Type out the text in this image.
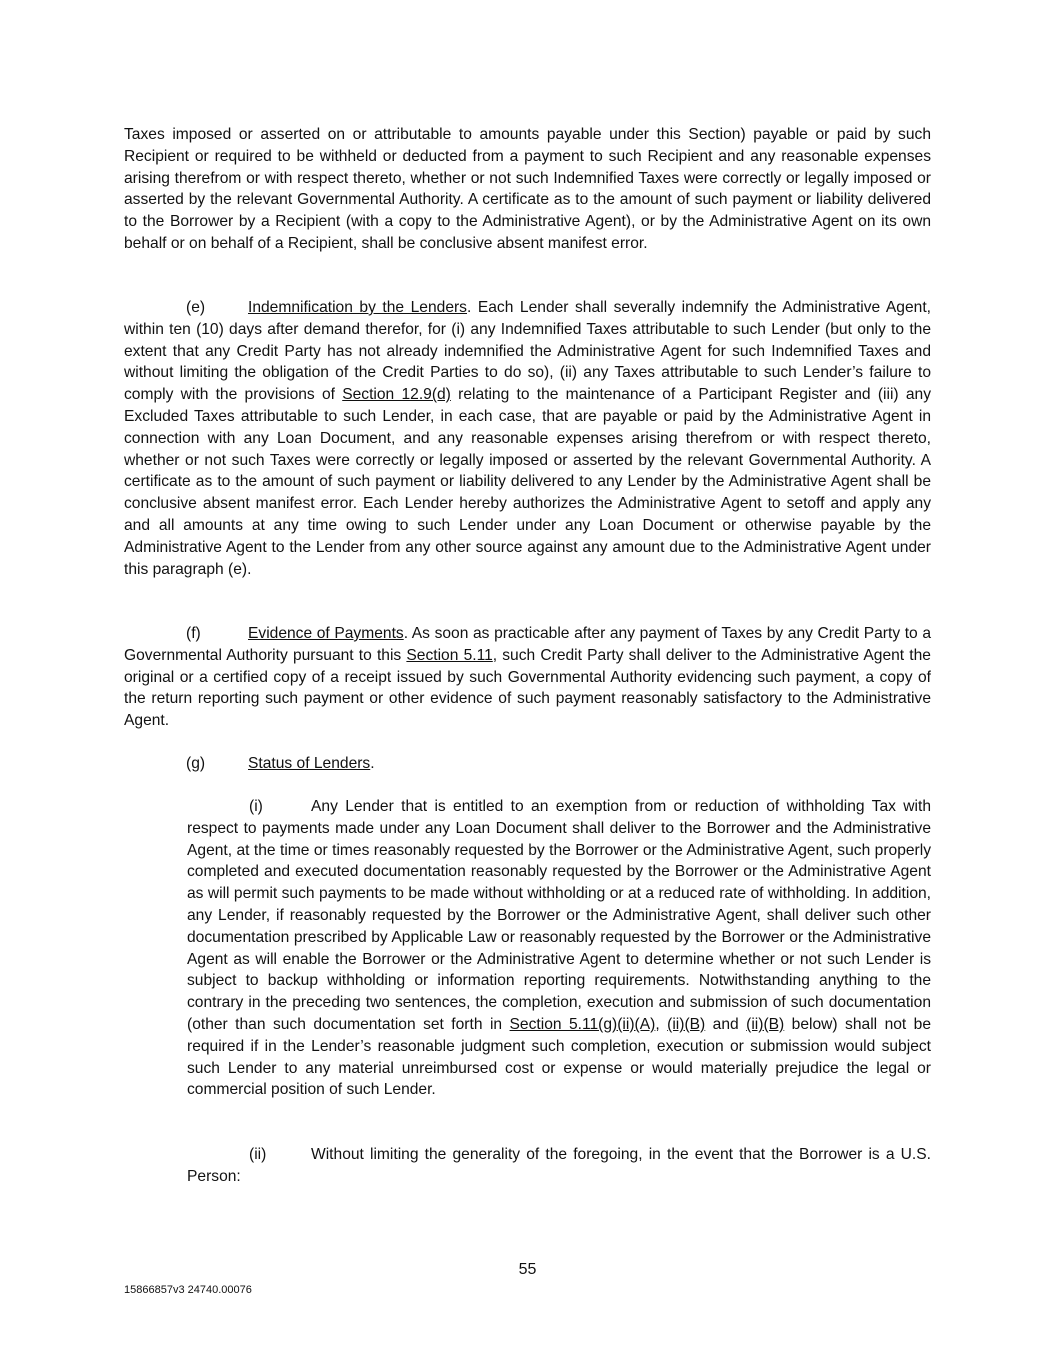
Taxes imposed or asserted on or attributable to amounts payable under this Section) payable or paid by such Recipient or required to be withheld or deducted from a payment to such Recipient and any reasonable expenses arising therefrom or with respect thereto, whether or not such Indemnified Taxes were correctly or legally imposed or asserted by the relevant Governmental Authority. A certificate as to the amount of such payment or liability delivered to the Borrower by a Recipient (with a copy to the Administrative Agent), or by the Administrative Agent on its own behalf or on behalf of a Recipient, shall be conclusive absent manifest error.

(e)	Indemnification by the Lenders. Each Lender shall severally indemnify the Administrative Agent, within ten (10) days after demand therefor, for (i) any Indemnified Taxes attributable to such Lender (but only to the extent that any Credit Party has not already indemnified the Administrative Agent for such Indemnified Taxes and without limiting the obligation of the Credit Parties to do so), (ii) any Taxes attributable to such Lender’s failure to comply with the provisions of Section 12.9(d) relating to the maintenance of a Participant Register and (iii) any Excluded Taxes attributable to such Lender, in each case, that are payable or paid by the Administrative Agent in connection with any Loan Document, and any reasonable expenses arising therefrom or with respect thereto, whether or not such Taxes were correctly or legally imposed or asserted by the relevant Governmental Authority. A certificate as to the amount of such payment or liability delivered to any Lender by the Administrative Agent shall be conclusive absent manifest error. Each Lender hereby authorizes the Administrative Agent to setoff and apply any and all amounts at any time owing to such Lender under any Loan Document or otherwise payable by the Administrative Agent to the Lender from any other source against any amount due to the Administrative Agent under this paragraph (e).

(f)	Evidence of Payments. As soon as practicable after any payment of Taxes by any Credit Party to a Governmental Authority pursuant to this Section 5.11, such Credit Party shall deliver to the Administrative Agent the original or a certified copy of a receipt issued by such Governmental Authority evidencing such payment, a copy of the return reporting such payment or other evidence of such payment reasonably satisfactory to the Administrative Agent.

(g)	Status of Lenders.

(i)	Any Lender that is entitled to an exemption from or reduction of withholding Tax with respect to payments made under any Loan Document shall deliver to the Borrower and the Administrative Agent, at the time or times reasonably requested by the Borrower or the Administrative Agent, such properly completed and executed documentation reasonably requested by the Borrower or the Administrative Agent as will permit such payments to be made without withholding or at a reduced rate of withholding. In addition, any Lender, if reasonably requested by the Borrower or the Administrative Agent, shall deliver such other documentation prescribed by Applicable Law or reasonably requested by the Borrower or the Administrative Agent as will enable the Borrower or the Administrative Agent to determine whether or not such Lender is subject to backup withholding or information reporting requirements. Notwithstanding anything to the contrary in the preceding two sentences, the completion, execution and submission of such documentation (other than such documentation set forth in Section 5.11(g)(ii)(A), (ii)(B) and (ii)(B) below) shall not be required if in the Lender’s reasonable judgment such completion, execution or submission would subject such Lender to any material unreimbursed cost or expense or would materially prejudice the legal or commercial position of such Lender.

(ii)	Without limiting the generality of the foregoing, in the event that the Borrower is a U.S. Person:

55
15866857v3 24740.00076
